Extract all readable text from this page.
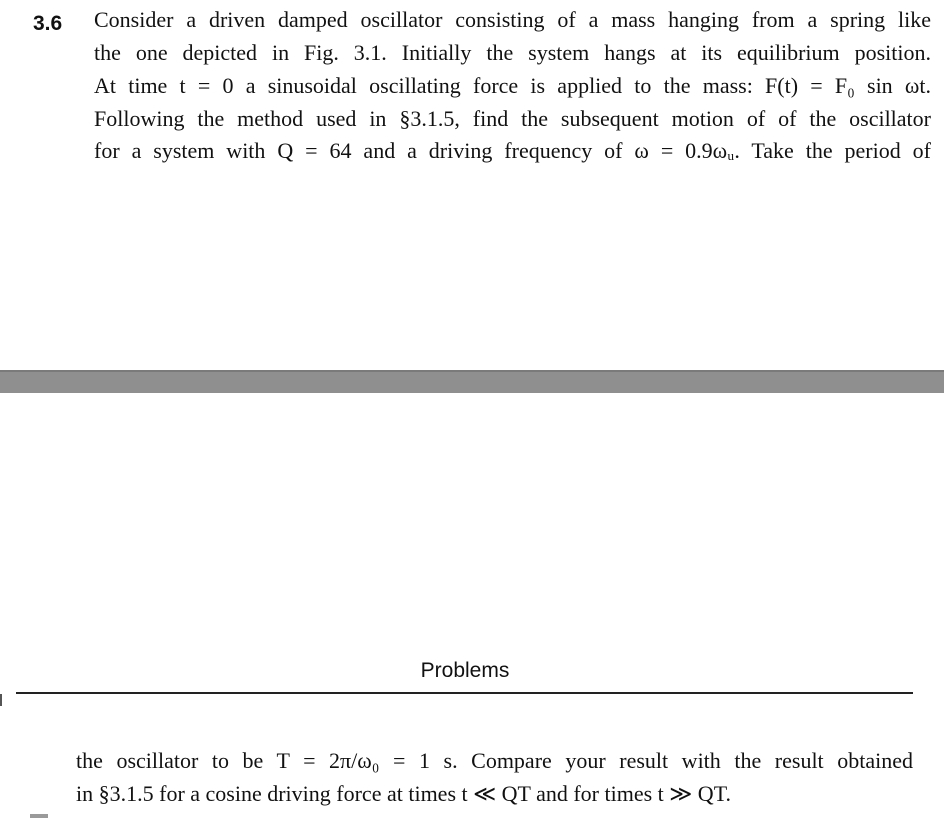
3.6 Consider a driven damped oscillator consisting of a mass hanging from a spring like
the one depicted in Fig. 3.1. Initially the system hangs at its equilibrium position.
At time t = 0 a sinusoidal oscillating force is applied to the mass: F(t) = F₀ sin ωt.
Following the method used in §3.1.5, find the subsequent motion of of the oscillator
for a system with Q = 64 and a driving frequency of ω = 0.9ωᵤ. Take the period of
Problems
the oscillator to be T = 2π/ω₀ = 1 s. Compare your result with the result obtained
in §3.1.5 for a cosine driving force at times t ≪ QT and for times t ≫ QT.
